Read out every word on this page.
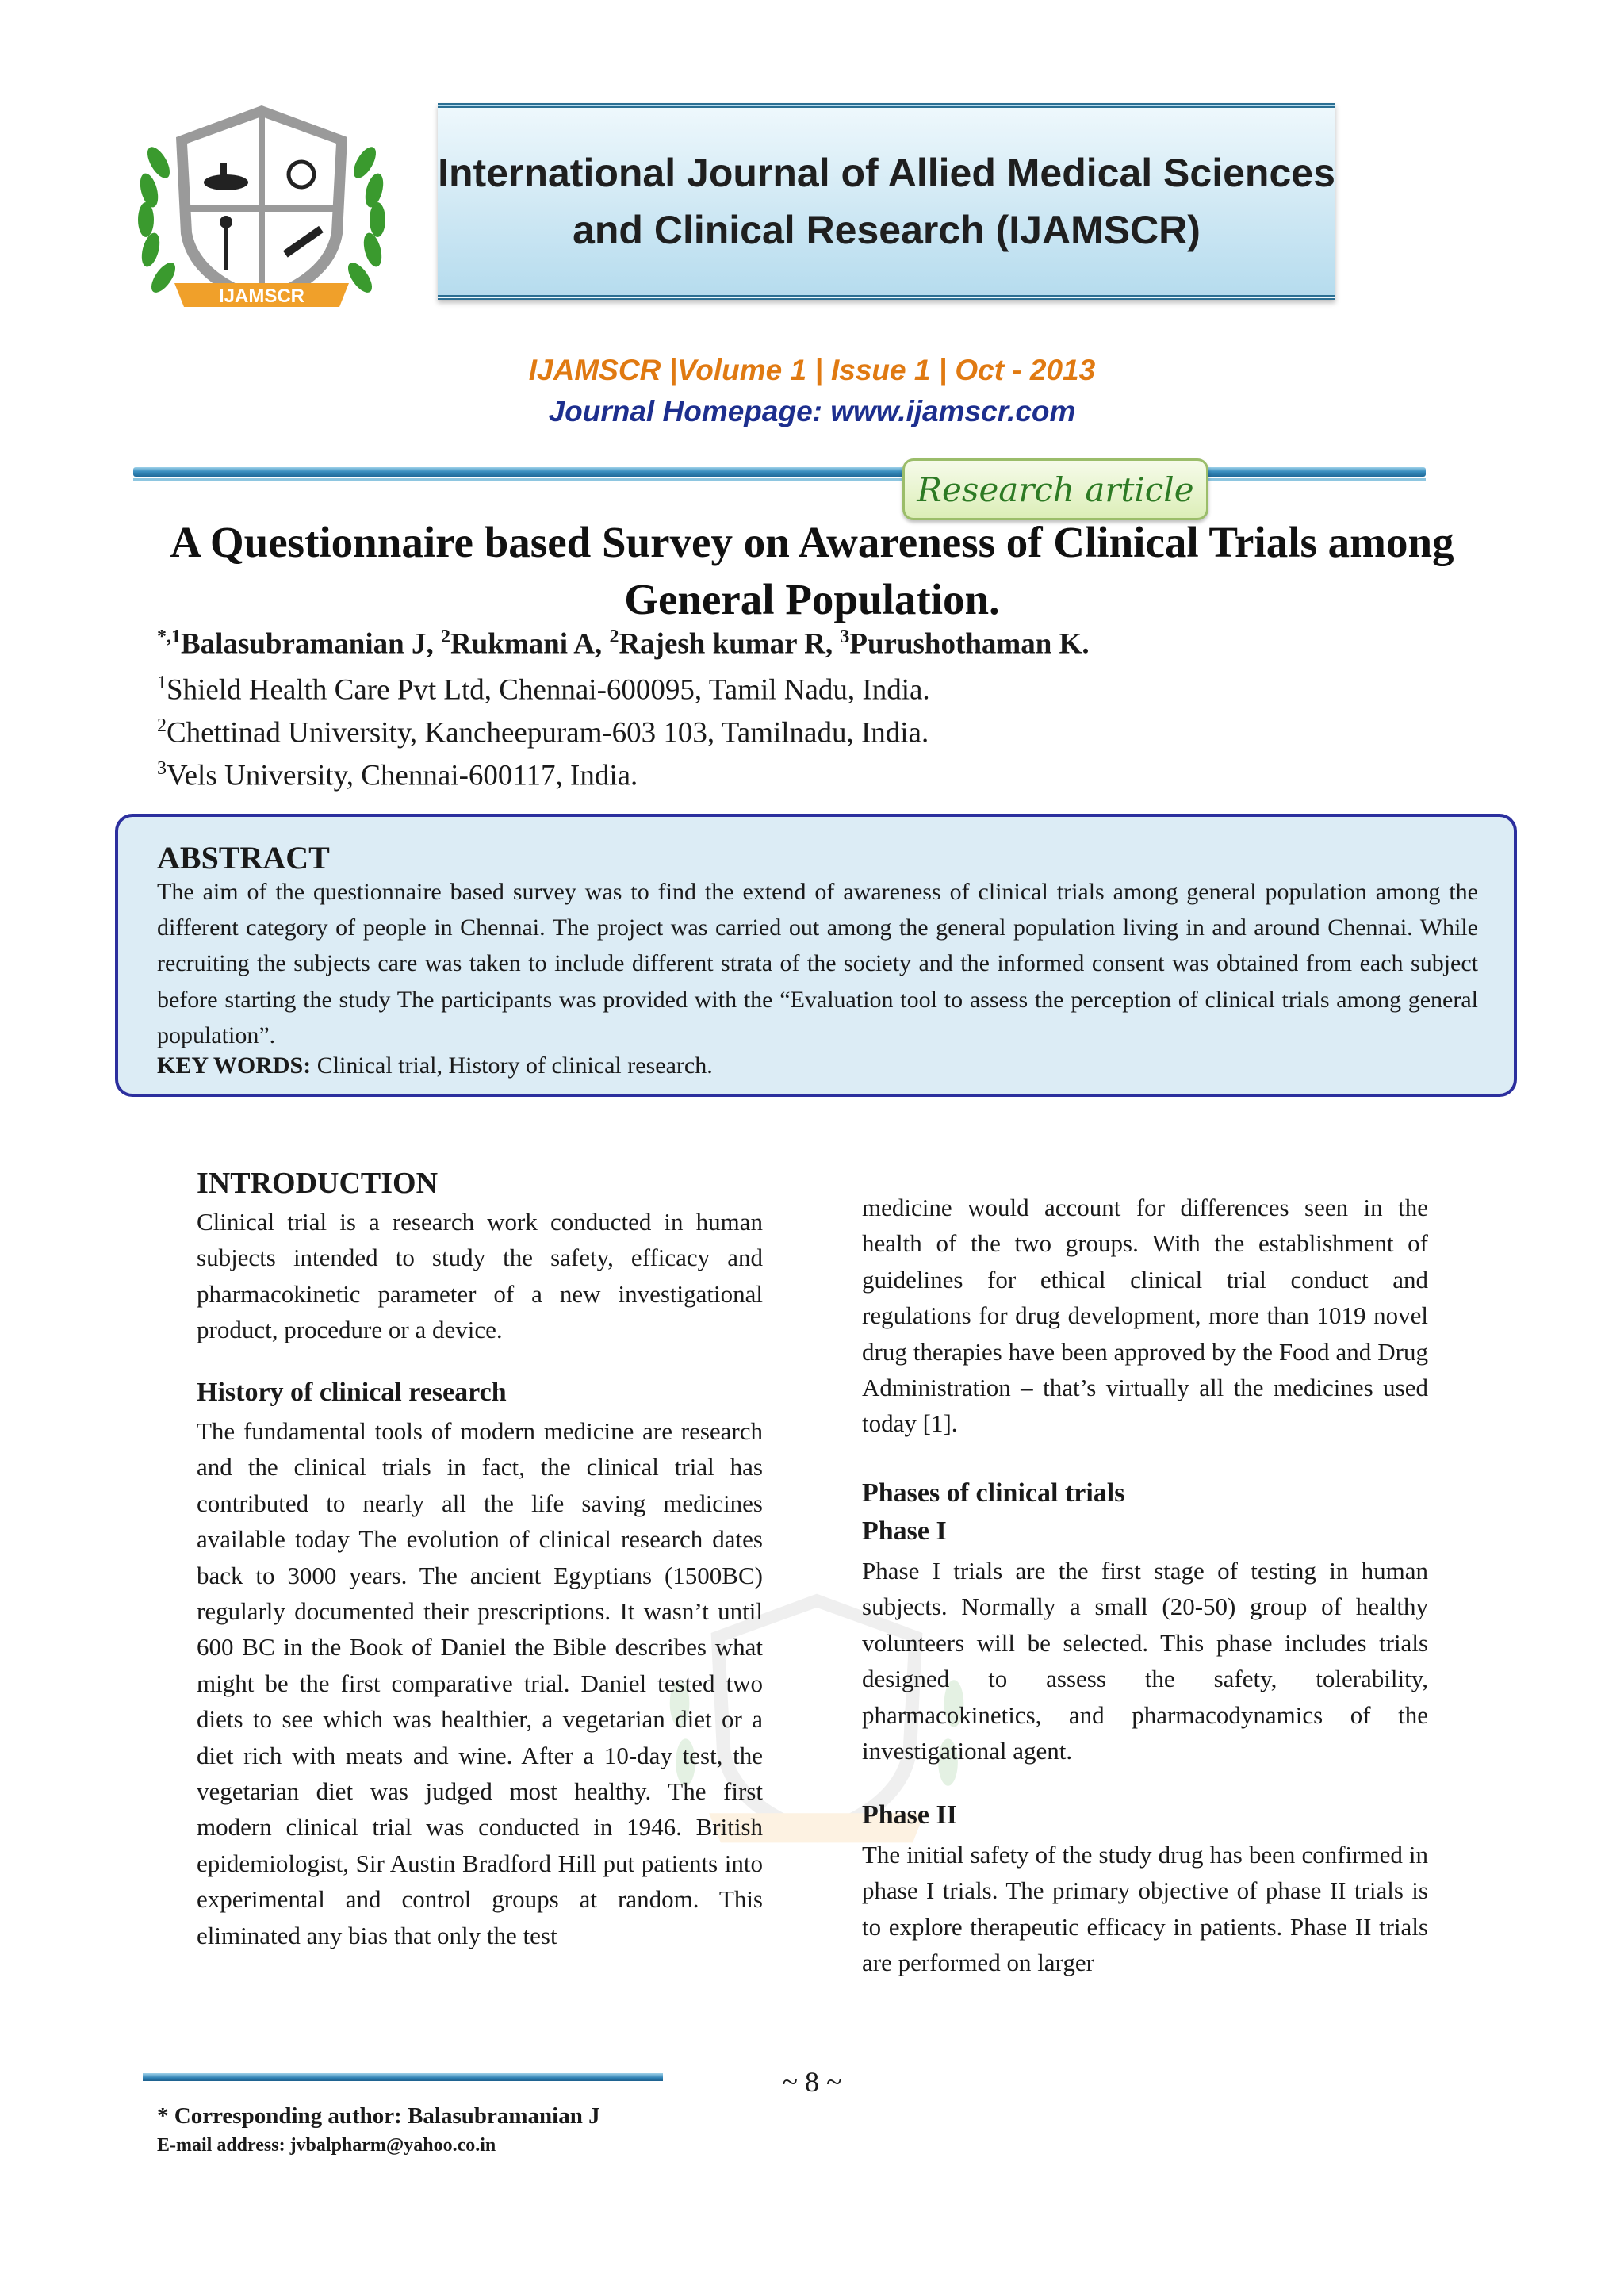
IJAMSCR
International Journal of Allied Medical Sciences
and Clinical Research (IJAMSCR)
IJAMSCR |Volume 1 | Issue 1 | Oct - 2013
Journal Homepage: www.ijamscr.com
Research article
A Questionnaire based Survey on Awareness of Clinical Trials among General Population.
$^{*,1}$Balasubramanian J, $^2$Rukmani A, $^2$Rajesh kumar R, $^3$Purushothaman K.
$^1$Shield Health Care Pvt Ltd, Chennai-600095, Tamil Nadu, India.
$^2$Chettinad University, Kancheepuram-603 103, Tamilnadu, India.
$^3$Vels University, Chennai-600117, India.
ABSTRACT
The aim of the questionnaire based survey was to find the extend of awareness of clinical trials among general population among the different category of people in Chennai. The project was carried out among the general population living in and around Chennai. While recruiting the subjects care was taken to include different strata of the society and the informed consent was obtained from each subject before starting the study The participants was provided with the “Evaluation tool to assess the perception of clinical trials among general population”.
KEY WORDS: Clinical trial, History of clinical research.
INTRODUCTION
Clinical trial is a research work conducted in human subjects intended to study the safety, efficacy and pharmacokinetic parameter of a new investigational product, procedure or a device.
History of clinical research
The fundamental tools of modern medicine are research and the clinical trials in fact, the clinical trial has contributed to nearly all the life saving medicines available today The evolution of clinical research dates back to 3000 years. The ancient Egyptians (1500BC) regularly documented their prescriptions. It wasn’t until 600 BC in the Book of Daniel the Bible describes what might be the first comparative trial. Daniel tested two diets to see which was healthier, a vegetarian diet or a diet rich with meats and wine. After a 10-day test, the vegetarian diet was judged most healthy. The first modern clinical trial was conducted in 1946. British epidemiologist, Sir Austin Bradford Hill put patients into experimental and control groups at random. This eliminated any bias that only the test
medicine would account for differences seen in the health of the two groups. With the establishment of guidelines for ethical clinical trial conduct and regulations for drug development, more than 1019 novel drug therapies have been approved by the Food and Drug Administration – that’s virtually all the medicines used today [1].
Phases of clinical trials
Phase I
Phase I trials are the first stage of testing in human subjects. Normally a small (20-50) group of healthy volunteers will be selected. This phase includes trials designed to assess the safety, tolerability, pharmacokinetics, and pharmacodynamics of the investigational agent.
Phase II
The initial safety of the study drug has been confirmed in phase I trials. The primary objective of phase II trials is to explore therapeutic efficacy in patients. Phase II trials are performed on larger
~ 8 ~
* Corresponding author: Balasubramanian J
E-mail address: jvbalpharm@yahoo.co.in
